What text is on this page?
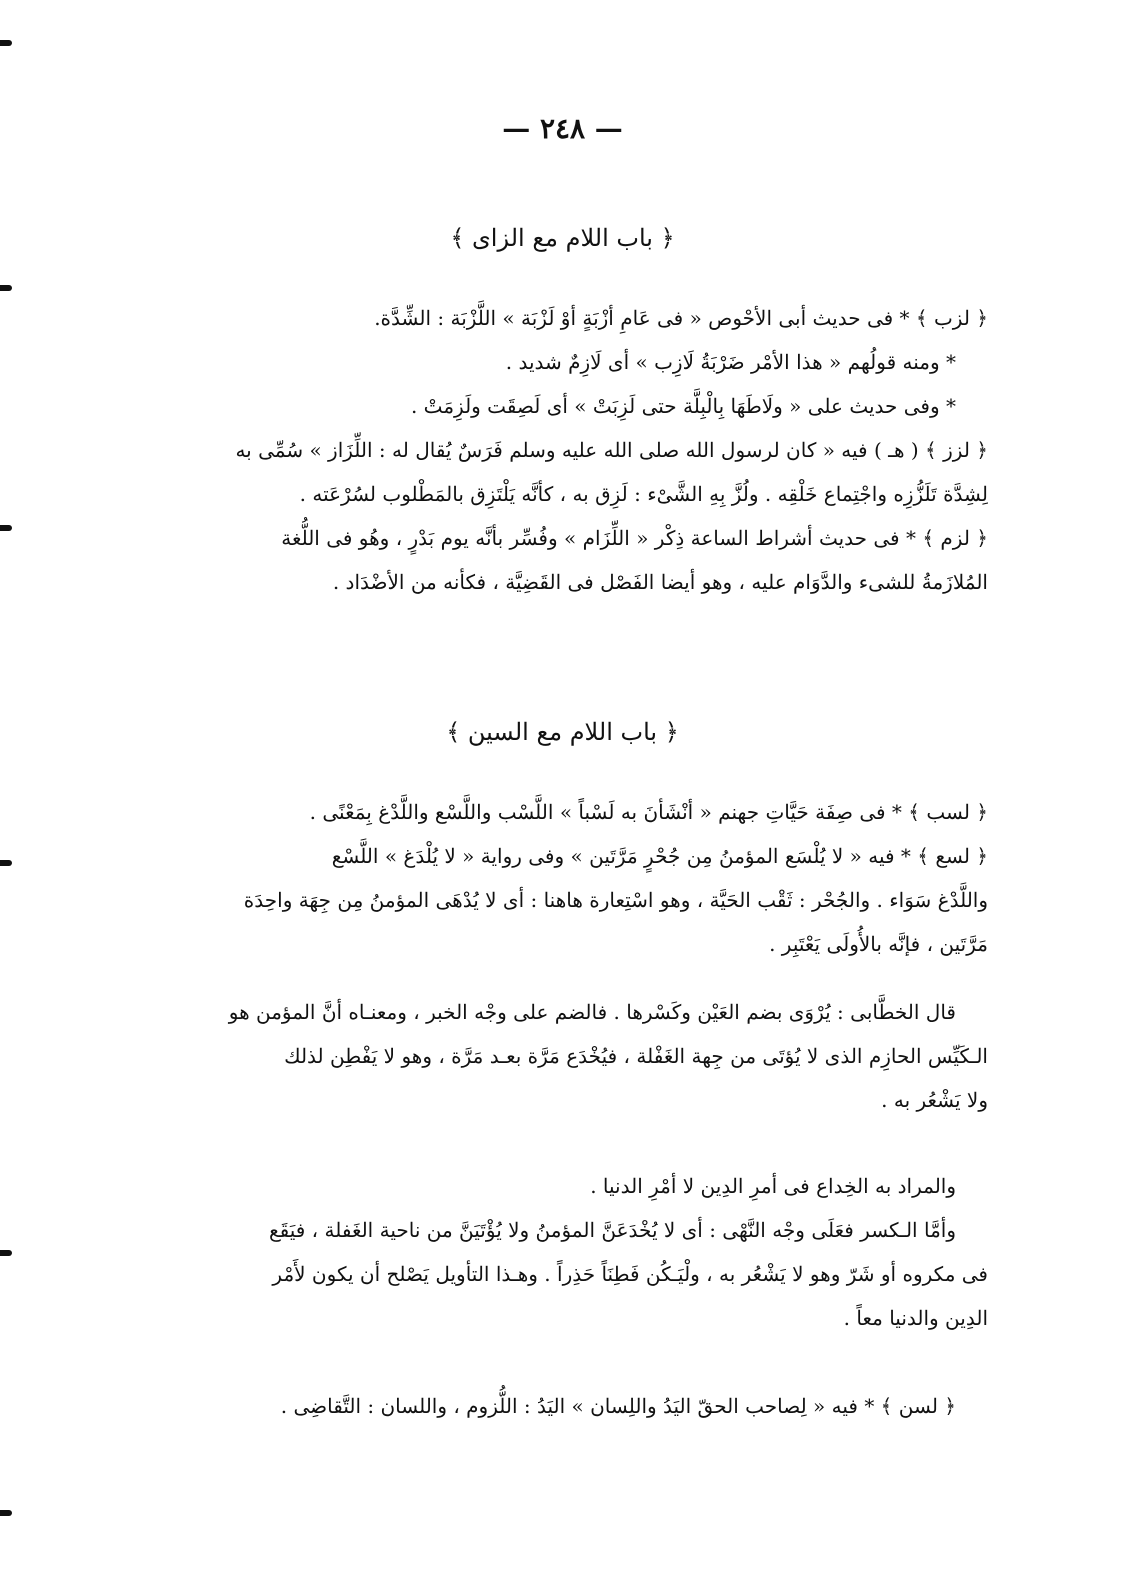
— ٢٤٨ —
﴿ باب اللام مع الزاى ﴾
﴿ لزب ﴾ * فى حديث أبى الأحْوص « فى عَامِ أزْبَةٍ أوْ لَزْبَة » اللَّزْبَة : الشِّدَّة.
* ومنه قولُهم « هذا الأمْر ضَرْبَةُ لَازِب » أى لَازِمٌ شديد .
* وفى حديث على « ولَاطَهَا بِالْبِلَّة حتى لَزِبَتْ » أى لَصِقَت ولَزِمَتْ .
﴿ لزز ﴾ ( هـ ) فيه « كان لرسول الله صلى الله عليه وسلم فَرَسٌ يُقال له : اللِّزَاز » سُمِّى به
لِشِدَّة تَلَزُّزِه واجْتِماع خَلْقِه . ولُزَّ بِهِ الشَّىْء : لَزِق به ، كأنَّه يَلْتَزِق بالمَطْلوب لسُرْعَته .
﴿ لزم ﴾ * فى حديث أشراط الساعة ذِكْر « اللِّزَام » وفُسِّر بأنَّه يوم بَدْرٍ ، وهُو فى اللُّغة
المُلازَمةُ للشىء والدَّوَام عليه ، وهو أيضا الفَصْل فى القَضِيَّة ، فكأنه من الأضْدَاد .
﴿ باب اللام مع السين ﴾
﴿ لسب ﴾ * فى صِفَة حَيَّاتِ جهنم « أنْشَأنَ به لَسْباً » اللَّسْب واللَّسْع واللَّدْغ بِمَعْنًى .
﴿ لسع ﴾ * فيه « لا يُلْسَع المؤمنُ مِن جُحْرٍ مَرَّتَين » وفى رواية « لا يُلْدَغ » اللَّسْع
واللَّدْغ سَوَاء . والجُحْر : ثَقْب الحَيَّة ، وهو اسْتِعارة هاهنا : أى لا يُدْهَى المؤمنُ مِن جِهَة واحِدَة
مَرَّتَين ، فإنَّه بالأُولَى يَعْتَبِر .
قال الخطَّابى : يُرْوَى بضم العَيْن وكَسْرها . فالضم على وجْه الخبر ، ومعنـاه أنَّ المؤمن هو
الـكَيِّس الحازِم الذى لا يُؤتَى من جِهة الغَفْلة ، فيُخْدَع مَرَّة بعـد مَرَّة ، وهو لا يَفْطِن لذلك
ولا يَشْعُر به .
والمراد به الخِداع فى أمرِ الدِين لا أمْرِ الدنيا .
وأمَّا الـكسر فعَلَى وجْه النَّهْى : أى لا يُخْدَعَنَّ المؤمنُ ولا يُؤْتَيَنَّ من ناحية الغَفلة ، فيَقَع
فى مكروه أو شَرّ وهو لا يَشْعُر به ، ولْيَـكُن فَطِنَاً حَذِراً . وهـذا التأويل يَصْلح أن يكون لأَمْر
الدِين والدنيا معاً .
﴿ لسن ﴾ * فيه « لِصاحب الحقّ اليَدُ واللِسان » اليَدُ : اللُّزوم ، واللسان : التَّقاضِى .
